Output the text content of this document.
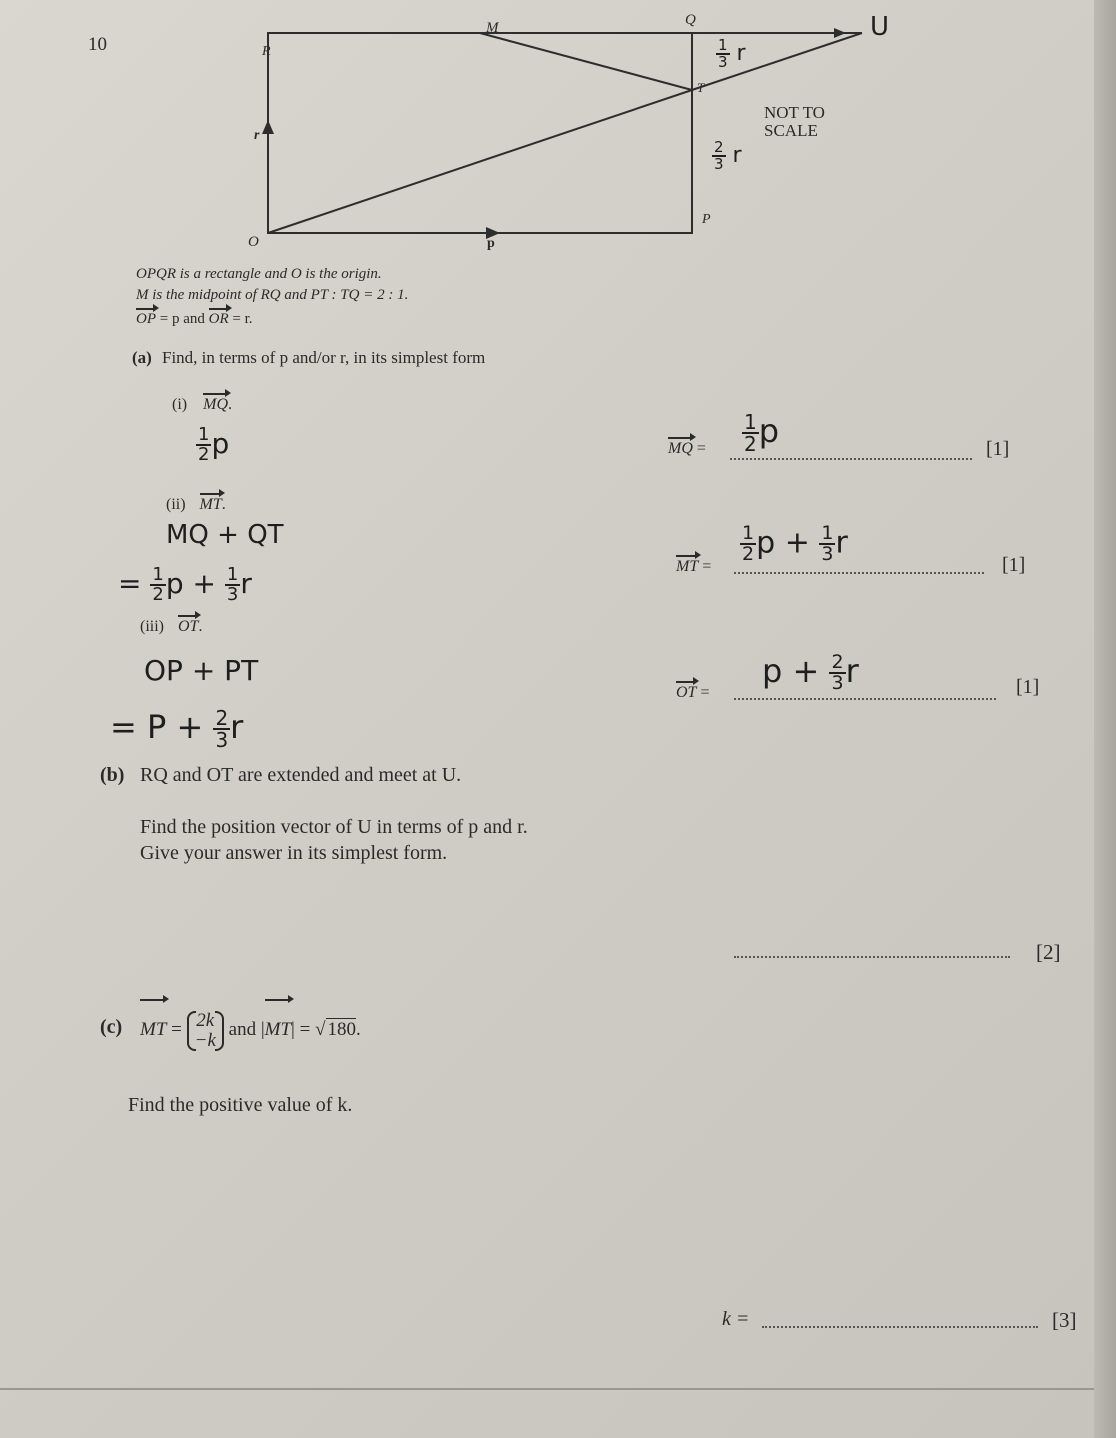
10	R
M	Q
T
U
r
O	p
P
NOT TO
SCALE
$\frac{1}{3}$ r
$\frac{2}{3}$ r
OPQR is a rectangle and O is the origin.
M is the midpoint of RQ and PT : TQ = 2 : 1.
OP = p and OR = r.
(a) Find, in terms of p and/or r, in its simplest form
(i) MQ.
$\frac{1}{2}$ p	MQ = $\frac{1}{2}$ p	[1]
(ii) MT.
MQ + QT
= $\frac{1}{2}$ $p + \frac{1}{3}$ r
MT =
$\frac{1}{2}$ $p + \frac{1}{3}$ r
[1]
(iii) OT.
OP + PT
= $P + \frac{2}{3}$ r
OT =
$p + \frac{2}{3}$ r	[1]
(b) RQ and OT are extended and meet at U.
Find the position vector of U in terms of p and r.
Give your answer in its simplest form.
[2]
(c) MT = 2k
−k
and |MT| = √ 180.
Find the positive value of k.
k =	[3]
